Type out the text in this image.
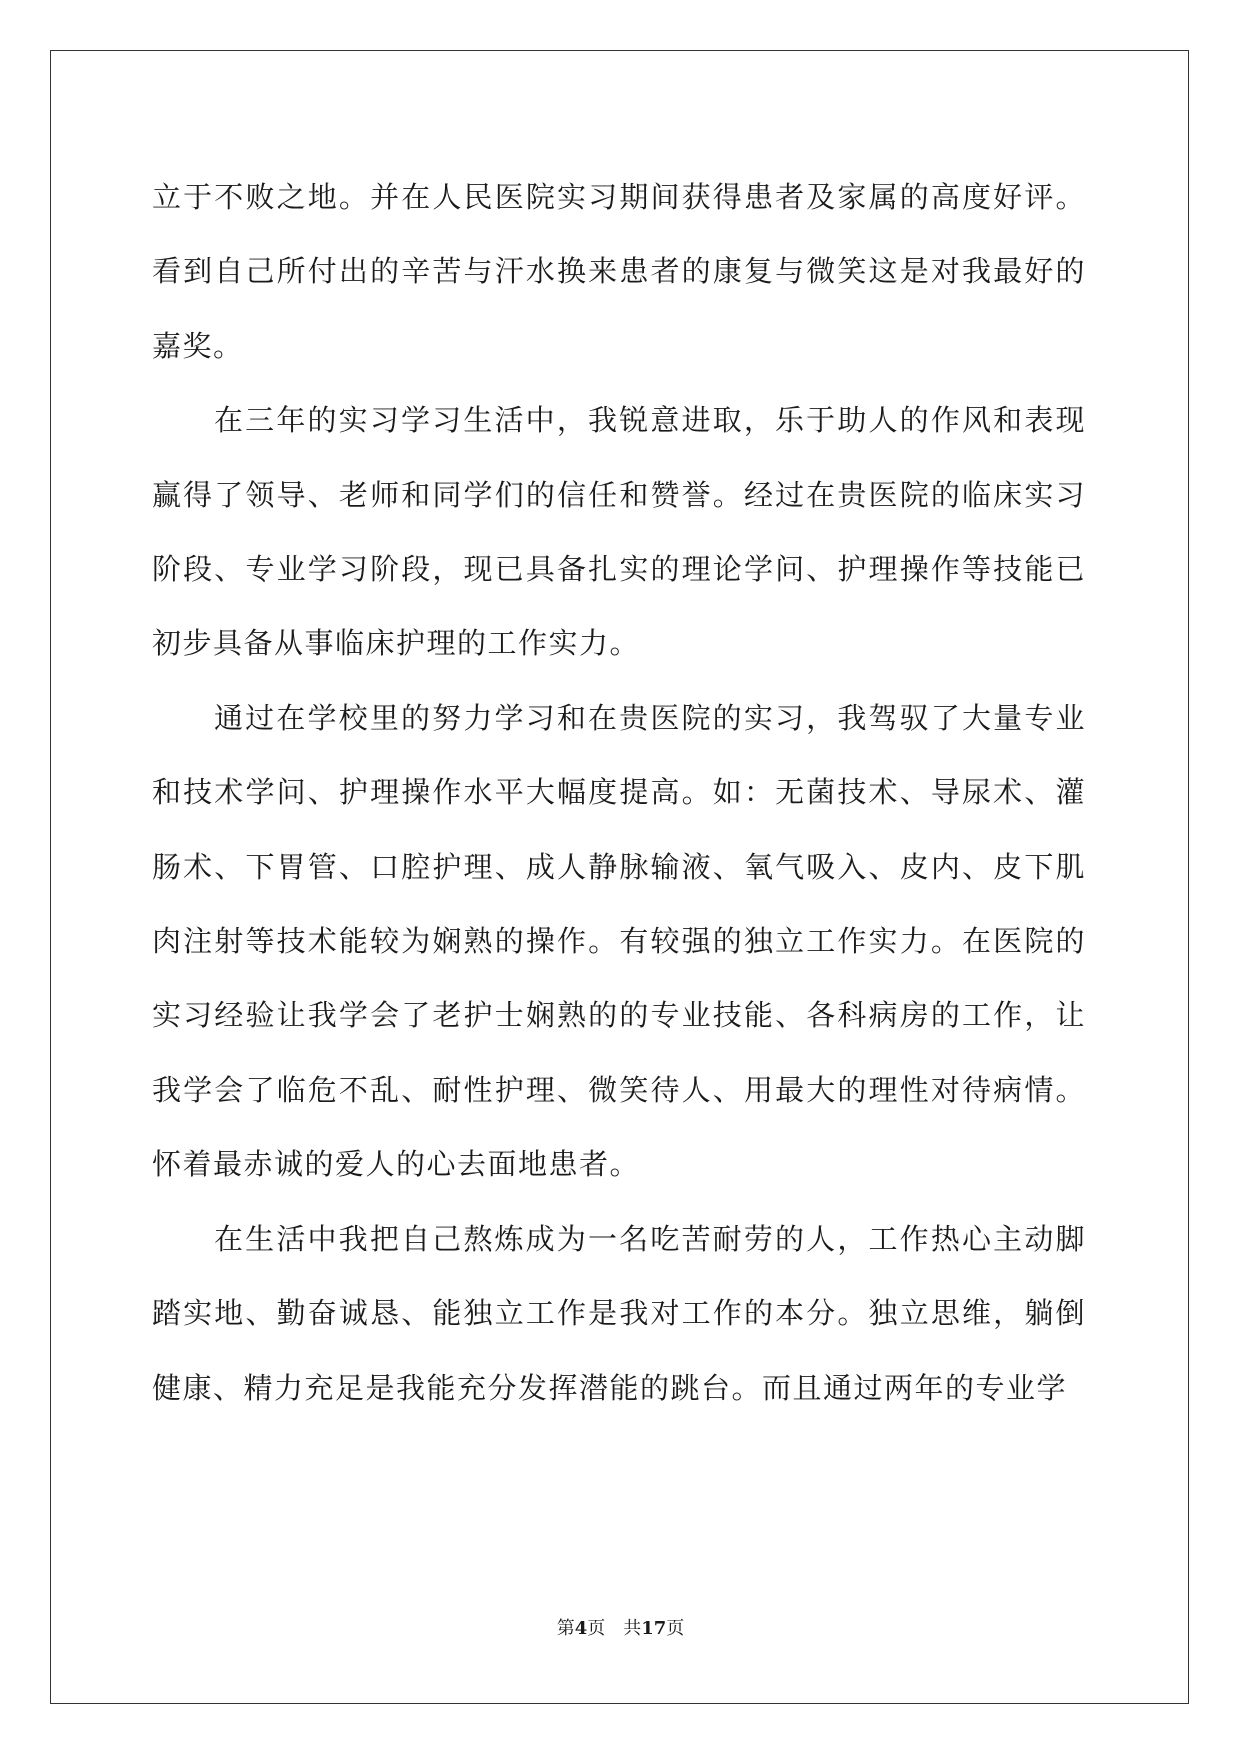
立于不败之地。并在人民医院实习期间获得患者及家属的高度好评。看到自己所付出的辛苦与汗水换来患者的康复与微笑这是对我最好的嘉奖。

在三年的实习学习生活中，我锐意进取，乐于助人的作风和表现赢得了领导、老师和同学们的信任和赞誉。经过在贵医院的临床实习阶段、专业学习阶段，现已具备扎实的理论学问、护理操作等技能已初步具备从事临床护理的工作实力。

通过在学校里的努力学习和在贵医院的实习，我驾驭了大量专业和技术学问、护理操作水平大幅度提高。如：无菌技术、导尿术、灌肠术、下胃管、口腔护理、成人静脉输液、氧气吸入、皮内、皮下肌肉注射等技术能较为娴熟的操作。有较强的独立工作实力。在医院的实习经验让我学会了老护士娴熟的的专业技能、各科病房的工作，让我学会了临危不乱、耐性护理、微笑待人、用最大的理性对待病情。怀着最赤诚的爱人的心去面地患者。

在生活中我把自己熬炼成为一名吃苦耐劳的人，工作热心主动脚踏实地、勤奋诚恳、能独立工作是我对工作的本分。独立思维，躺倒健康、精力充足是我能充分发挥潜能的跳台。而且通过两年的专业学

第4页 共17页
